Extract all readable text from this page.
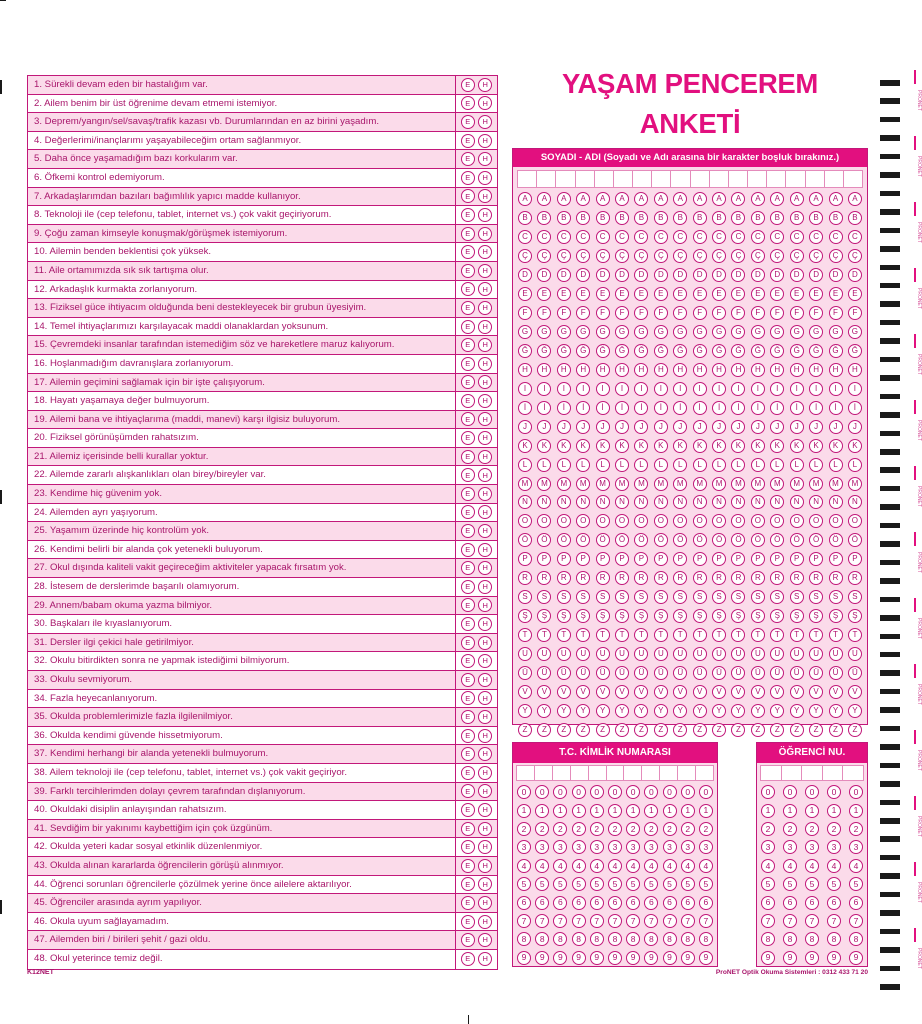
1. Sürekli devam eden bir hastalığım var.	E	H
2. Ailem benim bir üst öğrenime devam etmemi istemiyor.	E	H
3. Deprem/yangın/sel/savaş/trafik kazası vb. Durumlarından en az birini yaşadım.	E	H
4. Değerlerimi/inançlarımı yaşayabileceğim ortam sağlanmıyor.	E	H
5. Daha önce yaşamadığım bazı korkularım var.	E	H
6. Öfkemi kontrol edemiyorum.	E	H
7. Arkadaşlarımdan bazıları bağımlılık yapıcı madde kullanıyor.	E	H
8. Teknoloji ile (cep telefonu, tablet, internet vs.) çok vakit geçiriyorum.	E	H
9. Çoğu zaman kimseyle konuşmak/görüşmek istemiyorum.	E	H
10. Ailemin benden beklentisi çok yüksek.	E	H
11. Aile ortamımızda sık sık tartışma olur.	E	H
12. Arkadaşlık kurmakta zorlanıyorum.	E	H
13. Fiziksel güce ihtiyacım olduğunda beni destekleyecek bir grubun üyesiyim.	E	H
14. Temel ihtiyaçlarımızı karşılayacak maddi olanaklardan yoksunum.	E	H
15. Çevremdeki insanlar tarafından istemediğim söz ve hareketlere maruz kalıyorum.	E	H
16. Hoşlanmadığım davranışlara zorlanıyorum.	E	H
17. Ailemin geçimini sağlamak için bir işte çalışıyorum.	E	H
18. Hayatı yaşamaya değer bulmuyorum.	E	H
19. Ailemi bana ve ihtiyaçlarıma (maddi, manevi) karşı ilgisiz buluyorum.	E	H
20. Fiziksel görünüşümden rahatsızım.	E	H
21. Ailemiz içerisinde belli kurallar yoktur.	E	H
22. Ailemde zararlı alışkanlıkları olan birey/bireyler var.	E	H
23. Kendime hiç güvenim yok.	E	H
24. Ailemden ayrı yaşıyorum.	E	H
25. Yaşamım üzerinde hiç kontrolüm yok.	E	H
26. Kendimi belirli bir alanda çok yetenekli buluyorum.	E	H
27. Okul dışında kaliteli vakit geçireceğim aktiviteler yapacak fırsatım yok.	E	H
28. İstesem de derslerimde başarılı olamıyorum.	E	H
29. Annem/babam okuma yazma bilmiyor.	E	H
30. Başkaları ile kıyaslanıyorum.	E	H
31. Dersler ilgi çekici hale getirilmiyor.	E	H
32. Okulu bitirdikten sonra ne yapmak istediğimi bilmiyorum.	E	H
33. Okulu sevmiyorum.	E	H
34. Fazla heyecanlanıyorum.	E	H
35. Okulda problemlerimizle fazla ilgilenilmiyor.	E	H
36. Okulda kendimi güvende hissetmiyorum.	E	H
37. Kendimi herhangi bir alanda yetenekli bulmuyorum.	E	H
38. Ailem teknoloji ile (cep telefonu, tablet, internet vs.) çok vakit geçiriyor.	E	H
39. Farklı tercihlerimden dolayı çevrem tarafından dışlanıyorum.	E	H
40. Okuldaki disiplin anlayışından rahatsızım.	E	H
41. Sevdiğim bir yakınımı kaybettiğim için çok üzgünüm.	E	H
42. Okulda yeteri kadar sosyal etkinlik düzenlenmiyor.	E	H
43. Okulda alınan kararlarda öğrencilerin görüşü alınmıyor.	E	H
44. Öğrenci sorunları öğrencilerle çözülmek yerine önce ailelere aktarılıyor.	E	H
45. Öğrenciler arasında ayrım yapılıyor.	E	H
46. Okula uyum sağlayamadım.	E	H
47. Ailemden biri / birileri şehit / gazi oldu.	E	H
48. Okul yeterince temiz değil.	E	H
YAŞAM PENCEREM
ANKETİ
SOYADI - ADI (Soyadı ve Adı arasına bir karakter boşluk bırakınız.)
A	A	A	A	A	A	A	A	A	A	A	A	A	A	A	A	A	A
B	B	B	B	B	B	B	B	B	B	B	B	B	B	B	B	B	B
C	C	C	C	C	C	C	C	C	C	C	C	C	C	C	C	C	C
Ç	Ç	Ç	Ç	Ç	Ç	Ç	Ç	Ç	Ç	Ç	Ç	Ç	Ç	Ç	Ç	Ç	Ç
D	D	D	D	D	D	D	D	D	D	D	D	D	D	D	D	D	D
E	E	E	E	E	E	E	E	E	E	E	E	E	E	E	E	E	E
F	F	F	F	F	F	F	F	F	F	F	F	F	F	F	F	F	F
G	G	G	G	G	G	G	G	G	G	G	G	G	G	G	G	G	G
Ğ	Ğ	Ğ	Ğ	Ğ	Ğ	Ğ	Ğ	Ğ	Ğ	Ğ	Ğ	Ğ	Ğ	Ğ	Ğ	Ğ	Ğ
H	H	H	H	H	H	H	H	H	H	H	H	H	H	H	H	H	H
I	I	I	I	I	I	I	I	I	I	I	I	I	I	I	I	I	I
İ	İ	İ	İ	İ	İ	İ	İ	İ	İ	İ	İ	İ	İ	İ	İ	İ	İ
J	J	J	J	J	J	J	J	J	J	J	J	J	J	J	J	J	J
K	K	K	K	K	K	K	K	K	K	K	K	K	K	K	K	K	K
L	L	L	L	L	L	L	L	L	L	L	L	L	L	L	L	L	L
M	M	M	M	M	M	M	M	M	M	M	M	M	M	M	M	M	M
N	N	N	N	N	N	N	N	N	N	N	N	N	N	N	N	N	N
O	O	O	O	O	O	O	O	O	O	O	O	O	O	O	O	O	O
Ö	Ö	Ö	Ö	Ö	Ö	Ö	Ö	Ö	Ö	Ö	Ö	Ö	Ö	Ö	Ö	Ö	Ö
P	P	P	P	P	P	P	P	P	P	P	P	P	P	P	P	P	P
R	R	R	R	R	R	R	R	R	R	R	R	R	R	R	R	R	R
S	S	S	S	S	S	S	S	S	S	S	S	S	S	S	S	S	S
Ş	Ş	Ş	Ş	Ş	Ş	Ş	Ş	Ş	Ş	Ş	Ş	Ş	Ş	Ş	Ş	Ş	Ş
T	T	T	T	T	T	T	T	T	T	T	T	T	T	T	T	T	T
U	U	U	U	U	U	U	U	U	U	U	U	U	U	U	U	U	U
Ü	Ü	Ü	Ü	Ü	Ü	Ü	Ü	Ü	Ü	Ü	Ü	Ü	Ü	Ü	Ü	Ü	Ü
V	V	V	V	V	V	V	V	V	V	V	V	V	V	V	V	V	V
Y	Y	Y	Y	Y	Y	Y	Y	Y	Y	Y	Y	Y	Y	Y	Y	Y	Y
Z	Z	Z	Z	Z	Z	Z	Z	Z	Z	Z	Z	Z	Z	Z	Z	Z	Z
T.C. KİMLİK NUMARASI
0	0	0	0	0	0	0	0	0	0	0
1	1	1	1	1	1	1	1	1	1	1
2	2	2	2	2	2	2	2	2	2	2
3	3	3	3	3	3	3	3	3	3	3
4	4	4	4	4	4	4	4	4	4	4
5	5	5	5	5	5	5	5	5	5	5
6	6	6	6	6	6	6	6	6	6	6
7	7	7	7	7	7	7	7	7	7	7
8	8	8	8	8	8	8	8	8	8	8
9	9	9	9	9	9	9	9	9	9	9
ÖĞRENCİ NU.
0	0	0	0	0
1	1	1	1	1
2	2	2	2	2
3	3	3	3	3
4	4	4	4	4
5	5	5	5	5
6	6	6	6	6
7	7	7	7	7
8	8	8	8	8
9	9	9	9	9
K12NET	ProNET Optik Okuma Sistemleri : 0312 433 71 20
PRONET
PRONET
PRONET
PRONET
PRONET
PRONET
PRONET
PRONET
PRONET
PRONET
PRONET
PRONET
PRONET
PRONET
